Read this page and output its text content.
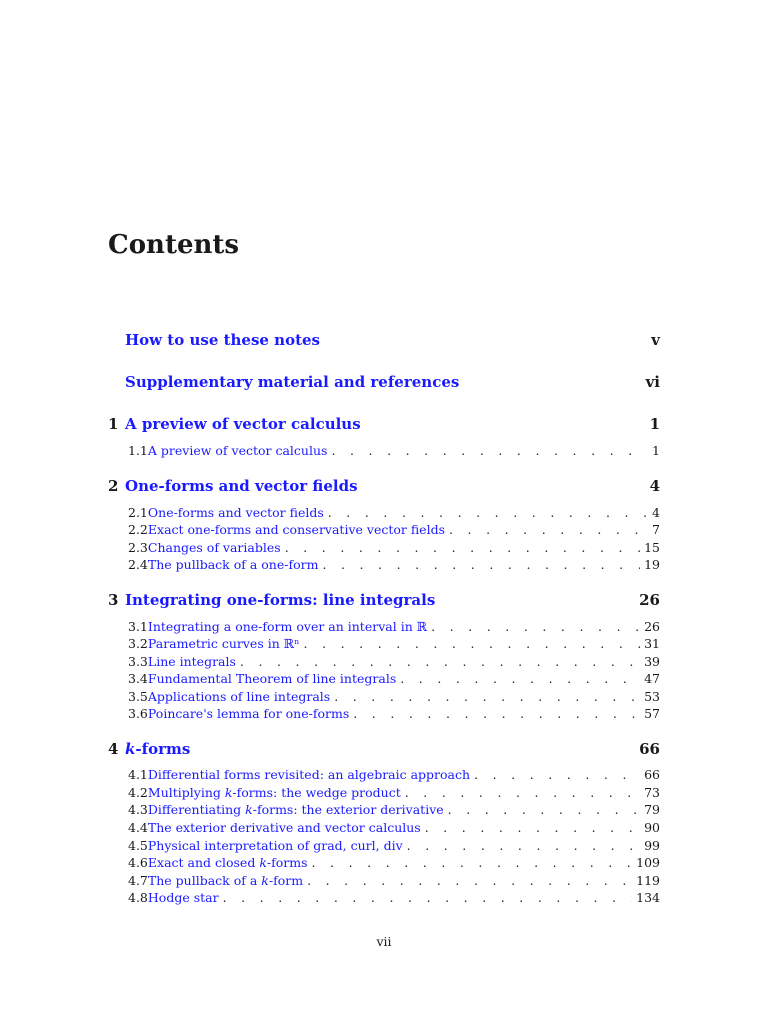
Contents
How to use these notes	v
Supplementary material and references	vi
1 A preview of vector calculus	1
1.1 A preview of vector calculus . . .	1
2 One-forms and vector fields	4
2.1 One-forms and vector fields . . .	4
2.2 Exact one-forms and conservative vector fields . . .	7
2.3 Changes of variables . . .	15
2.4 The pullback of a one-form . . .	19
3 Integrating one-forms: line integrals	26
3.1 Integrating a one-form over an interval in ℝ . . .	26
3.2 Parametric curves in ℝⁿ . . .	31
3.3 Line integrals . . .	39
3.4 Fundamental Theorem of line integrals . . .	47
3.5 Applications of line integrals . . .	53
3.6 Poincare's lemma for one-forms . . .	57
4 k-forms	66
4.1 Differential forms revisited: an algebraic approach . . .	66
4.2 Multiplying k-forms: the wedge product . . .	73
4.3 Differentiating k-forms: the exterior derivative . . .	79
4.4 The exterior derivative and vector calculus . . .	90
4.5 Physical interpretation of grad, curl, div . . .	99
4.6 Exact and closed k-forms . . .	109
4.7 The pullback of a k-form . . .	119
4.8 Hodge star . . .	134
vii
